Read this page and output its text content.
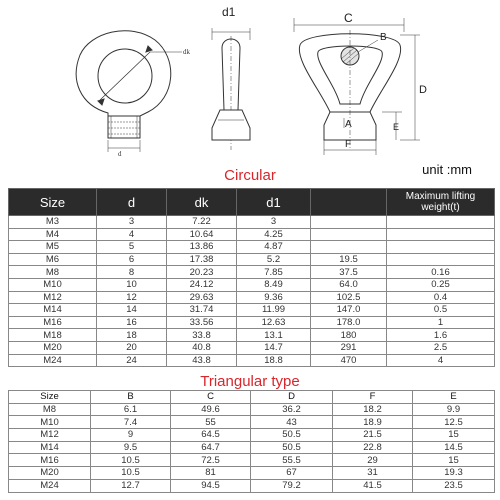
dk
d
d1	C
B
D
A	E
F
Circular	unit :mm
Size	d	dk	d1		Maximum lifting weight(t)
M3	3	7.22	3		
M4	4	10.64	4.25		
M5	5	13.86	4.87		
M6	6	17.38	5.2	19.5	
M8	8	20.23	7.85	37.5	0.16
M10	10	24.12	8.49	64.0	0.25
M12	12	29.63	9.36	102.5	0.4
M14	14	31.74	11.99	147.0	0.5
M16	16	33.56	12.63	178.0	1
M18	18	33.8	13.1	180	1.6
M20	20	40.8	14.7	291	2.5
M24	24	43.8	18.8	470	4
Triangular type
Size	B	C	D	F	E
M8	6.1	49.6	36.2	18.2	9.9
M10	7.4	55	43	18.9	12.5
M12	9	64.5	50.5	21.5	15
M14	9.5	64.7	50.5	22.8	14.5
M16	10.5	72.5	55.5	29	15
M20	10.5	81	67	31	19.3
M24	12.7	94.5	79.2	41.5	23.5
